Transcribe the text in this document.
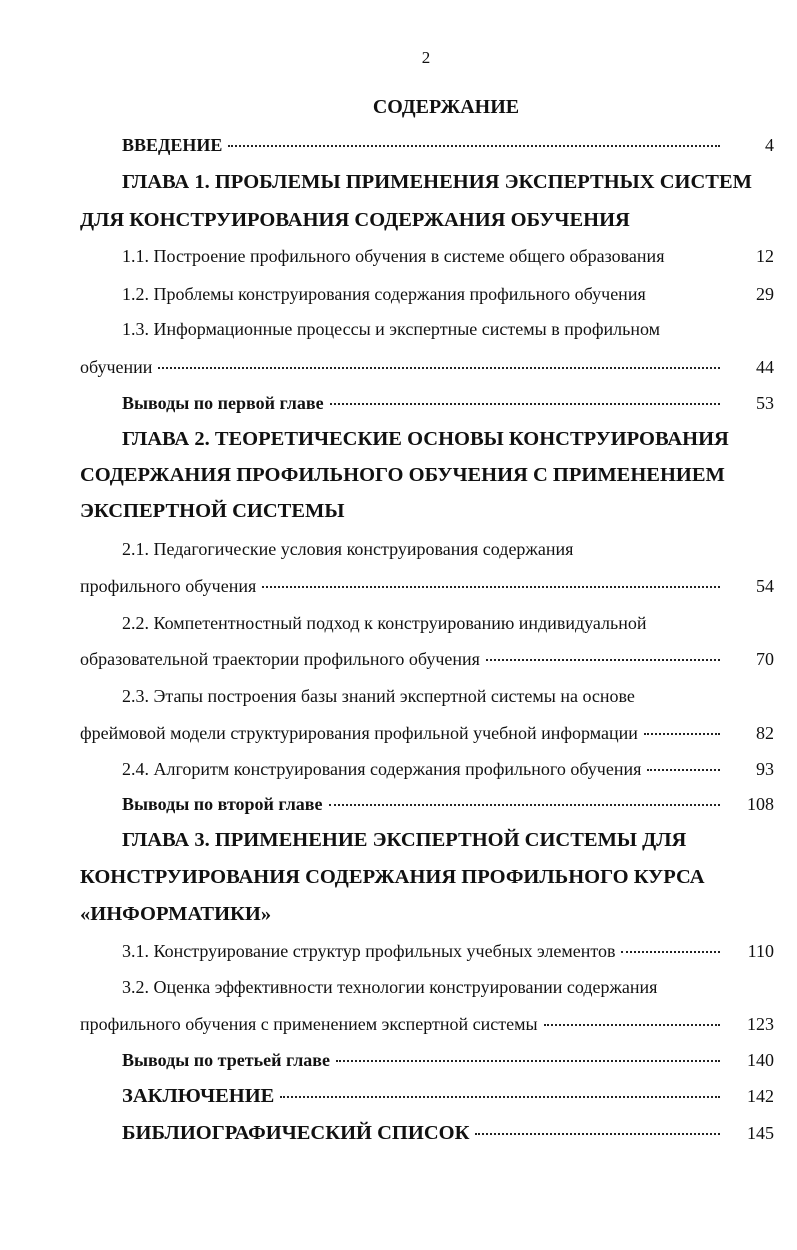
2
СОДЕРЖАНИЕ
ВВЕДЕНИЕ	4
ГЛАВА 1. ПРОБЛЕМЫ ПРИМЕНЕНИЯ ЭКСПЕРТНЫХ СИСТЕМ
ДЛЯ КОНСТРУИРОВАНИЯ СОДЕРЖАНИЯ ОБУЧЕНИЯ
1.1. Построение профильного обучения в системе общего образования	12
1.2. Проблемы конструирования содержания профильного обучения	29
1.3. Информационные процессы и экспертные системы в профильном
обучении	44
Выводы по первой главе	53
ГЛАВА 2. ТЕОРЕТИЧЕСКИЕ ОСНОВЫ КОНСТРУИРОВАНИЯ
СОДЕРЖАНИЯ ПРОФИЛЬНОГО ОБУЧЕНИЯ С ПРИМЕНЕНИЕМ
ЭКСПЕРТНОЙ СИСТЕМЫ
2.1. Педагогические условия конструирования содержания
профильного обучения	54
2.2. Компетентностный подход к конструированию индивидуальной
образовательной траектории профильного обучения	70
2.3. Этапы построения базы знаний экспертной системы на основе
фреймовой модели структурирования профильной учебной информации	82
2.4. Алгоритм конструирования содержания профильного обучения	93
Выводы по второй главе	108
ГЛАВА 3. ПРИМЕНЕНИЕ ЭКСПЕРТНОЙ СИСТЕМЫ ДЛЯ
КОНСТРУИРОВАНИЯ СОДЕРЖАНИЯ ПРОФИЛЬНОГО КУРСА
«ИНФОРМАТИКИ»
3.1. Конструирование структур профильных учебных элементов	110
3.2. Оценка эффективности технологии конструировании содержания
профильного обучения с применением экспертной системы	123
Выводы по третьей главе	140
ЗАКЛЮЧЕНИЕ	142
БИБЛИОГРАФИЧЕСКИЙ СПИСОК	145
